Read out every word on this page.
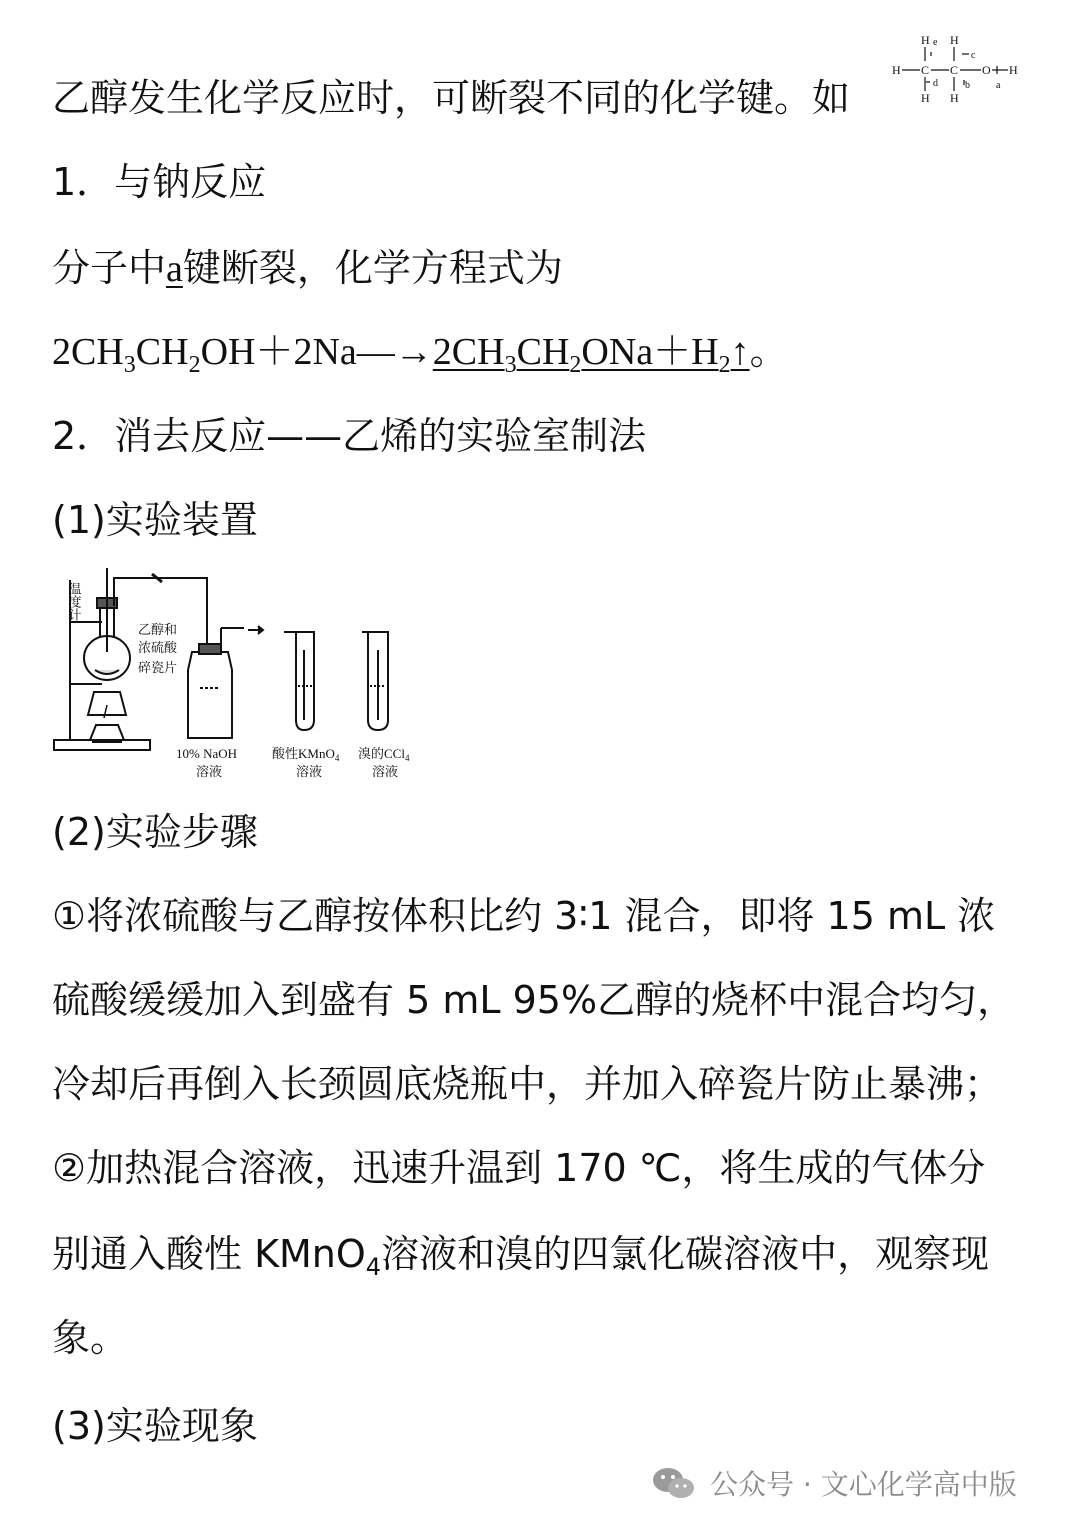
乙醇发生化学反应时，可断裂不同的化学键。如

H e H
c
H C C O H
d	b	a
H H

1．与钠反应

分子中a键断裂，化学方程式为

$2CH_3CH_2OH+2Na—\to 2CH_3CH_2ONa+H_2↑$。

2．消去反应——乙烯的实验室制法

(1)实验装置

温度计
乙醇和
浓硫酸
碎瓷片
10% NaOH
溶液
酸性KMnO$_4$
溶液
溴的CCl$_4$
溶液

(2)实验步骤

①将浓硫酸与乙醇按体积比约 3∶1 混合，即将 15 mL 浓

硫酸缓缓加入到盛有 5 mL 95%乙醇的烧杯中混合均匀，

冷却后再倒入长颈圆底烧瓶中，并加入碎瓷片防止暴沸；

②加热混合溶液，迅速升温到 170 ℃，将生成的气体分

别通入酸性 KMnO$_4$溶液和溴的四氯化碳溶液中，观察现

象。

(3)实验现象

公众号 · 文心化学高中版
